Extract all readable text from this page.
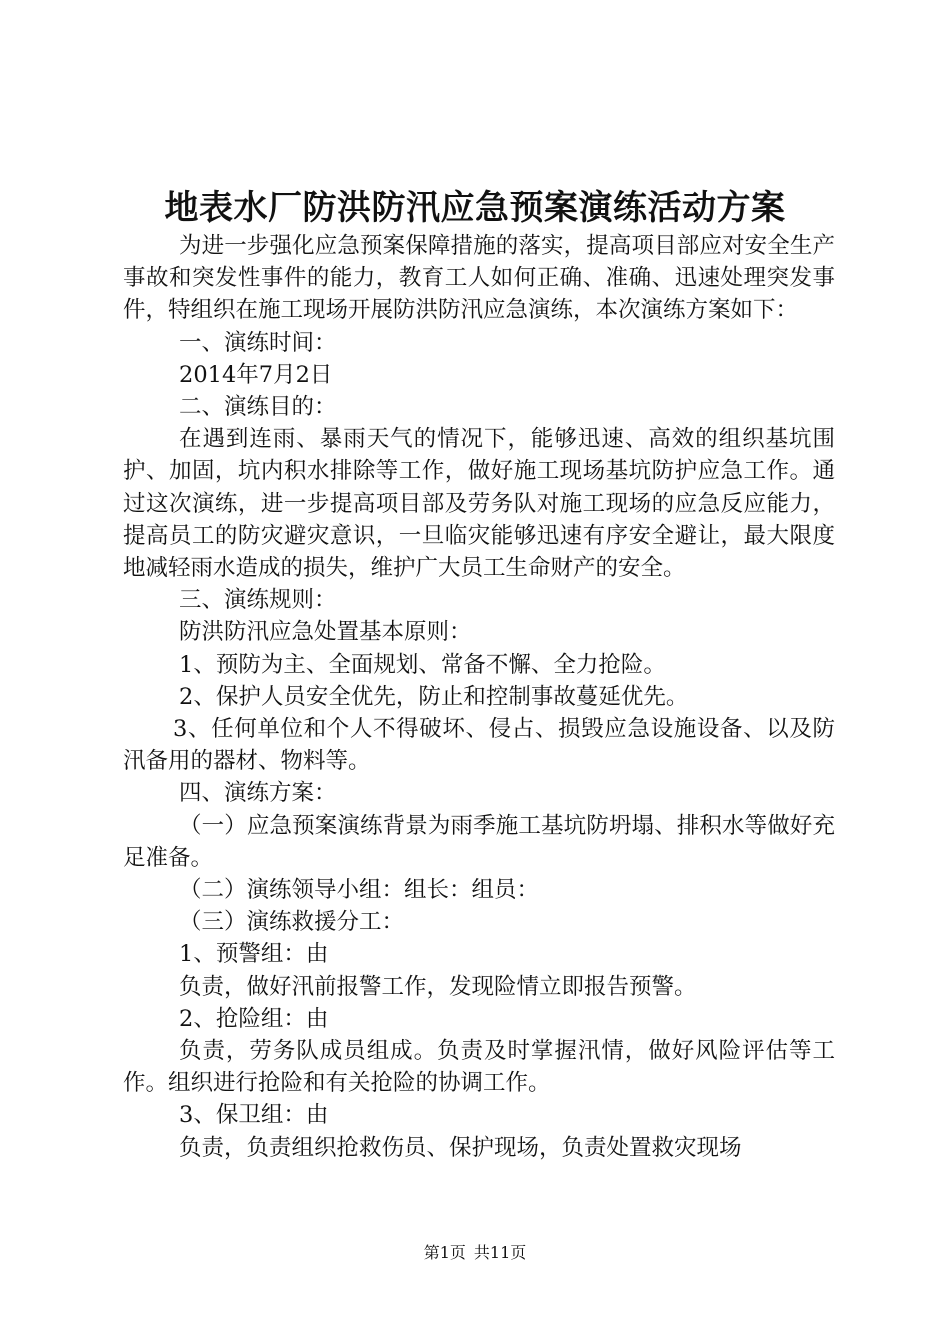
地表水厂防洪防汛应急预案演练活动方案

为进一步强化应急预案保障措施的落实，提高项目部应对安全生产事故和突发性事件的能力，教育工人如何正确、准确、迅速处理突发事件，特组织在施工现场开展防洪防汛应急演练，本次演练方案如下：

一、演练时间：

2014年7月2日

二、演练目的：

在遇到连雨、暴雨天气的情况下，能够迅速、高效的组织基坑围护、加固，坑内积水排除等工作，做好施工现场基坑防护应急工作。通过这次演练，进一步提高项目部及劳务队对施工现场的应急反应能力，提高员工的防灾避灾意识，一旦临灾能够迅速有序安全避让，最大限度地减轻雨水造成的损失，维护广大员工生命财产的安全。

三、演练规则：

防洪防汛应急处置基本原则：

1、预防为主、全面规划、常备不懈、全力抢险。

2、保护人员安全优先，防止和控制事故蔓延优先。

3、任何单位和个人不得破坏、侵占、损毁应急设施设备、以及防汛备用的器材、物料等。

四、演练方案：

（一）应急预案演练背景为雨季施工基坑防坍塌、排积水等做好充足准备。

（二）演练领导小组：组长：组员：

（三）演练救援分工：

1、预警组：由

负责，做好汛前报警工作，发现险情立即报告预警。

2、抢险组：由

负责，劳务队成员组成。负责及时掌握汛情，做好风险评估等工作。组织进行抢险和有关抢险的协调工作。

3、保卫组：由

负责，负责组织抢救伤员、保护现场，负责处置救灾现场

第1页 共11页
